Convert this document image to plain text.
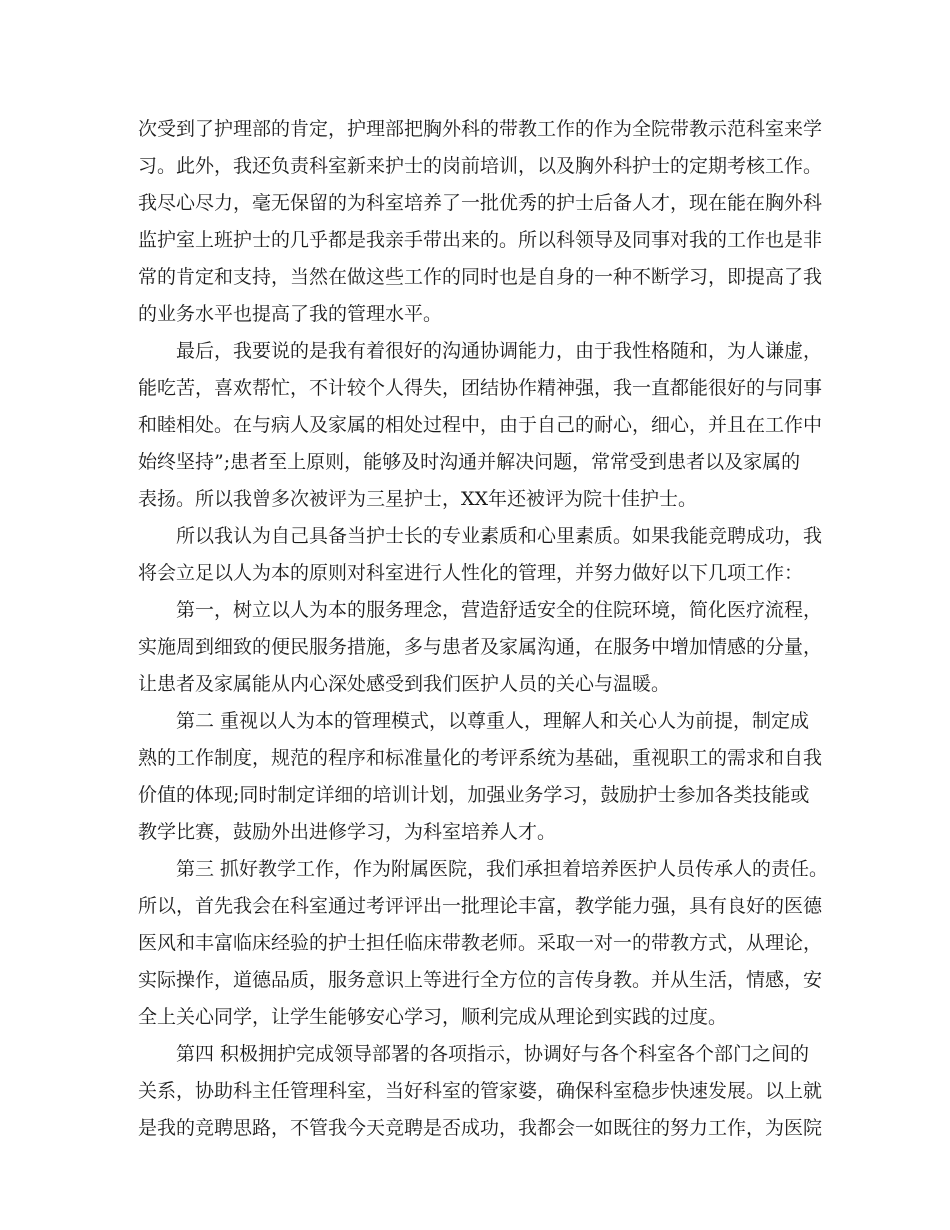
次受到了护理部的肯定，护理部把胸外科的带教工作的作为全院带教示范科室来学
习。此外，我还负责科室新来护士的岗前培训，以及胸外科护士的定期考核工作。
我尽心尽力，毫无保留的为科室培养了一批优秀的护士后备人才，现在能在胸外科
监护室上班护士的几乎都是我亲手带出来的。所以科领导及同事对我的工作也是非
常的肯定和支持，当然在做这些工作的同时也是自身的一种不断学习，即提高了我
的业务水平也提高了我的管理水平。
最后，我要说的是我有着很好的沟通协调能力，由于我性格随和，为人谦虚，
能吃苦，喜欢帮忙，不计较个人得失，团结协作精神强，我一直都能很好的与同事
和睦相处。在与病人及家属的相处过程中，由于自己的耐心，细心，并且在工作中
始终坚持”;患者至上原则，能够及时沟通并解决问题，常常受到患者以及家属的
表扬。所以我曾多次被评为三星护士，XX年还被评为院十佳护士。
所以我认为自己具备当护士长的专业素质和心里素质。如果我能竞聘成功，我
将会立足以人为本的原则对科室进行人性化的管理，并努力做好以下几项工作：
第一，树立以人为本的服务理念，营造舒适安全的住院环境，简化医疗流程，
实施周到细致的便民服务措施，多与患者及家属沟通，在服务中增加情感的分量，
让患者及家属能从内心深处感受到我们医护人员的关心与温暖。
第二 重视以人为本的管理模式，以尊重人，理解人和关心人为前提，制定成
熟的工作制度，规范的程序和标准量化的考评系统为基础，重视职工的需求和自我
价值的体现;同时制定详细的培训计划，加强业务学习，鼓励护士参加各类技能或
教学比赛，鼓励外出进修学习，为科室培养人才。
第三 抓好教学工作，作为附属医院，我们承担着培养医护人员传承人的责任。
所以，首先我会在科室通过考评评出一批理论丰富，教学能力强，具有良好的医德
医风和丰富临床经验的护士担任临床带教老师。采取一对一的带教方式，从理论，
实际操作，道德品质，服务意识上等进行全方位的言传身教。并从生活，情感，安
全上关心同学，让学生能够安心学习，顺利完成从理论到实践的过度。
第四 积极拥护完成领导部署的各项指示，协调好与各个科室各个部门之间的
关系，协助科主任管理科室，当好科室的管家婆，确保科室稳步快速发展。以上就
是我的竞聘思路，不管我今天竞聘是否成功，我都会一如既往的努力工作，为医院
